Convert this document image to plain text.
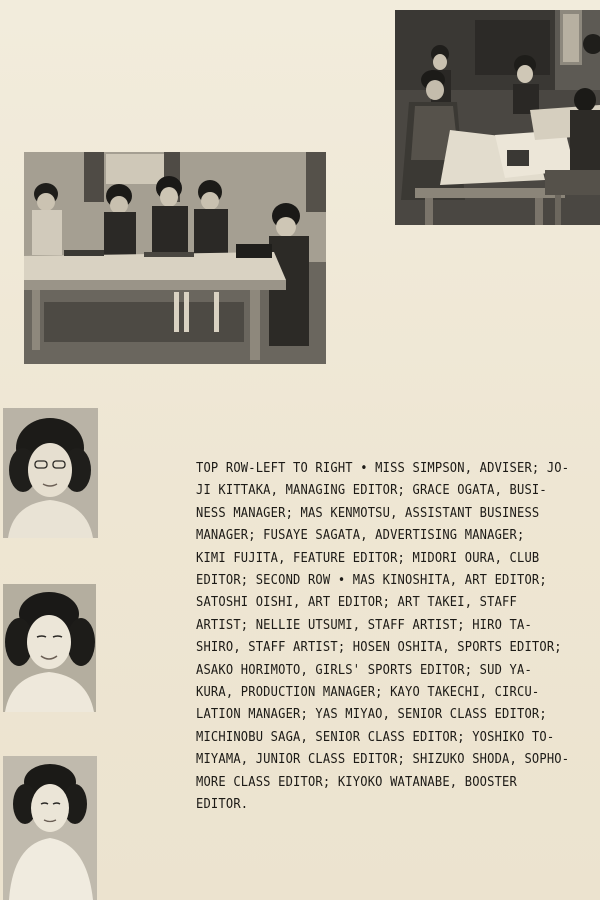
TOP ROW-LEFT TO RIGHT • MISS SIMPSON, ADVISER; JO-
JI KITTAKA, MANAGING EDITOR; GRACE OGATA, BUSI-
NESS MANAGER; MAS KENMOTSU, ASSISTANT BUSINESS
MANAGER; FUSAYE SAGATA, ADVERTISING MANAGER;
KIMI FUJITA, FEATURE EDITOR; MIDORI OURA, CLUB
EDITOR; SECOND ROW • MAS KINOSHITA, ART EDITOR;
SATOSHI OISHI, ART EDITOR; ART TAKEI, STAFF
ARTIST; NELLIE UTSUMI, STAFF ARTIST; HIRO TA-
SHIRO, STAFF ARTIST; HOSEN OSHITA, SPORTS EDITOR;
ASAKO HORIMOTO, GIRLS' SPORTS EDITOR; SUD YA-
KURA, PRODUCTION MANAGER; KAYO TAKECHI, CIRCU-
LATION MANAGER; YAS MIYAO, SENIOR CLASS EDITOR;
MICHINOBU SAGA, SENIOR CLASS EDITOR; YOSHIKO TO-
MIYAMA, JUNIOR CLASS EDITOR; SHIZUKO SHODA, SOPHO-
MORE CLASS EDITOR; KIYOKO WATANABE, BOOSTER
EDITOR.
